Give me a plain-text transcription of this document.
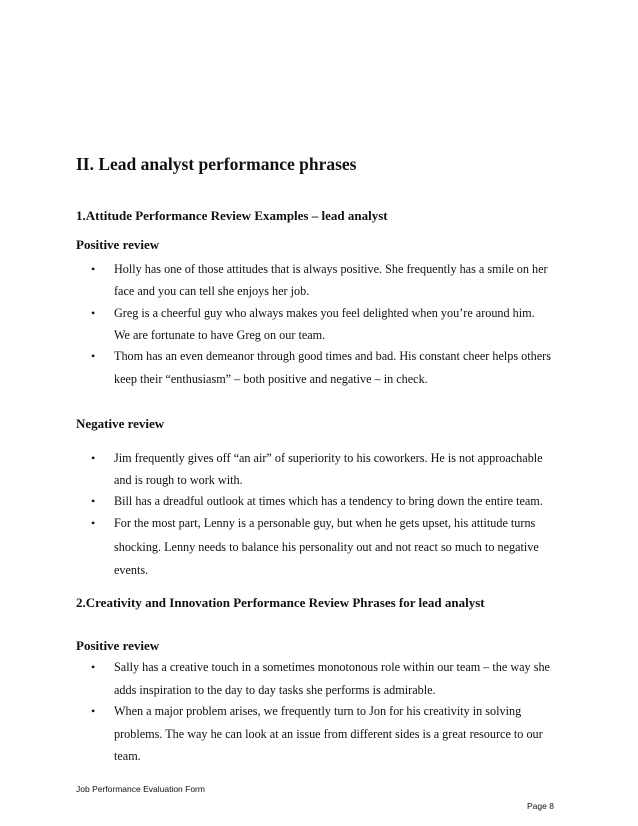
II. Lead analyst performance phrases
1.Attitude Performance Review Examples – lead analyst
Positive review
• Holly has one of those attitudes that is always positive. She frequently has a smile on her
face and you can tell she enjoys her job.
• Greg is a cheerful guy who always makes you feel delighted when you’re around him.
We are fortunate to have Greg on our team.
• Thom has an even demeanor through good times and bad. His constant cheer helps others
keep their “enthusiasm” – both positive and negative – in check.
Negative review
• Jim frequently gives off “an air” of superiority to his coworkers. He is not approachable
and is rough to work with.
• Bill has a dreadful outlook at times which has a tendency to bring down the entire team.
• For the most part, Lenny is a personable guy, but when he gets upset, his attitude turns
shocking. Lenny needs to balance his personality out and not react so much to negative
events.
2.Creativity and Innovation Performance Review Phrases for lead analyst
Positive review
• Sally has a creative touch in a sometimes monotonous role within our team – the way she
adds inspiration to the day to day tasks she performs is admirable.
• When a major problem arises, we frequently turn to Jon for his creativity in solving
problems. The way he can look at an issue from different sides is a great resource to our
team.
Job Performance Evaluation Form
Page 8
